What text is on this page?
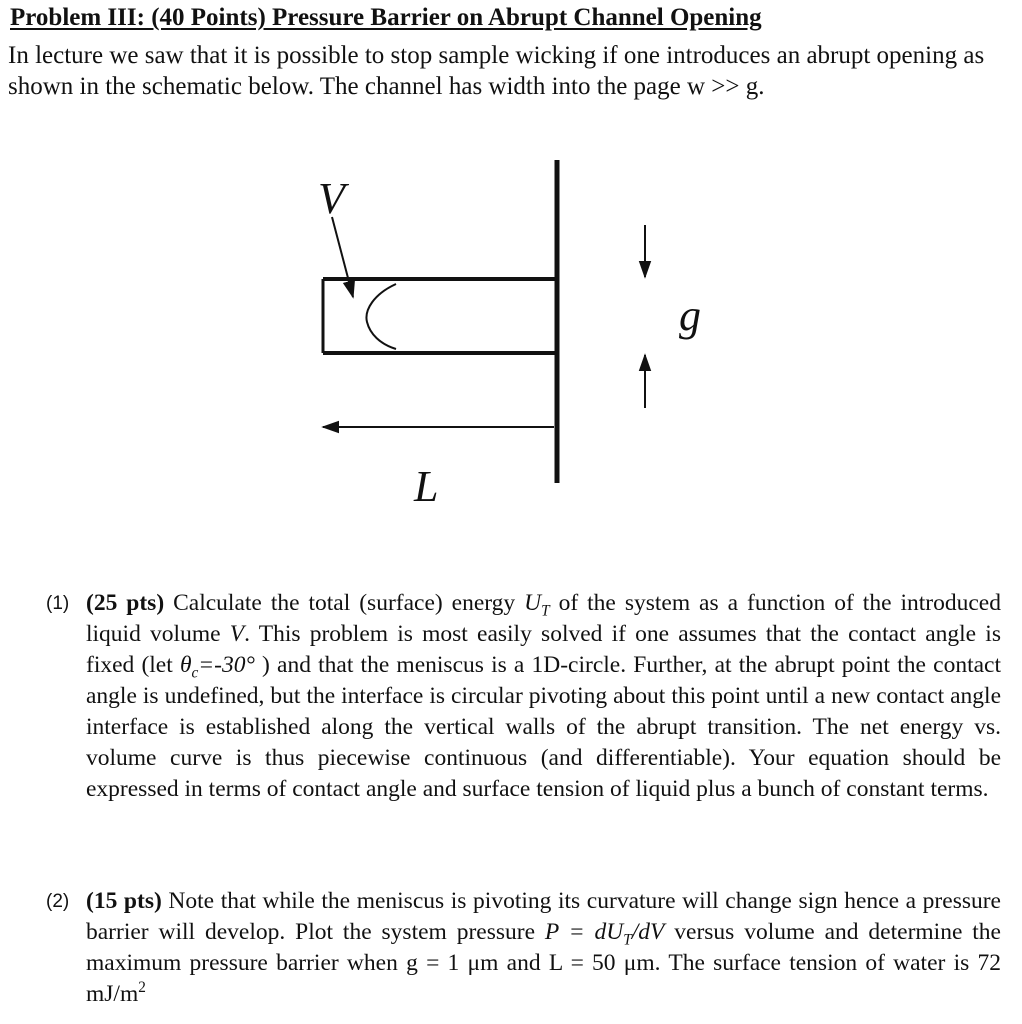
Problem III: (40 Points) Pressure Barrier on Abrupt Channel Opening

In lecture we saw that it is possible to stop sample wicking if one introduces an abrupt opening as shown in the schematic below. The channel has width into the page w >> g.

V
g
L
(1) (25 pts) Calculate the total (surface) energy $U_T$ of the system as a function of the introduced liquid volume V. This problem is most easily solved if one assumes that the contact angle is fixed (let $\theta_c=-30^\circ$ ) and that the meniscus is a 1D-circle. Further, at the abrupt point the contact angle is undefined, but the interface is circular pivoting about this point until a new contact angle interface is established along the vertical walls of the abrupt transition. The net energy vs. volume curve is thus piecewise continuous (and differentiable). Your equation should be expressed in terms of contact angle and surface tension of liquid plus a bunch of constant terms.
(2) (15 pts) Note that while the meniscus is pivoting its curvature will change sign hence a pressure barrier will develop. Plot the system pressure $P = dU_T/dV$ versus volume and determine the maximum pressure barrier when g = 1 μm and L = 50 μm. The surface tension of water is 72 $mJ/m^2$
